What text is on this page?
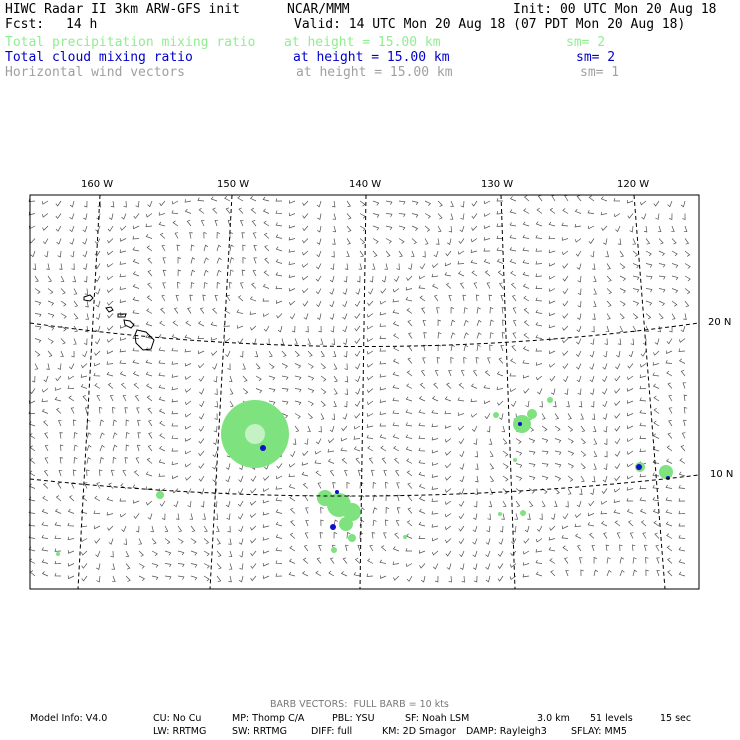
HIWC Radar II 3km ARW-GFS init	NCAR/MMM	Init: 00 UTC Mon 20 Aug 18
Fcst: 14 h	Valid: 14 UTC Mon 20 Aug 18 (07 PDT Mon 20 Aug 18)
Total precipitation mixing ratio at height = 15.00 km	sm= 2
Total cloud mixing ratio	at height = 15.00 km	sm= 2
Horizontal wind vectors	at height = 15.00 km	sm= 1
160 W	150 W	140 W	130 W	120 W
20 N
10 N
BARB VECTORS:  FULL BARB = 10 kts
Model Info: V4.0	CU: No Cu	MP: Thomp C/A	PBL: YSU	SF: Noah LSM	3.0 km 51 levels	15 sec
LW: RRTMG	SW: RRTMG	DIFF: full	KM: 2D Smagor DAMP: Rayleigh3	SFLAY: MM5
